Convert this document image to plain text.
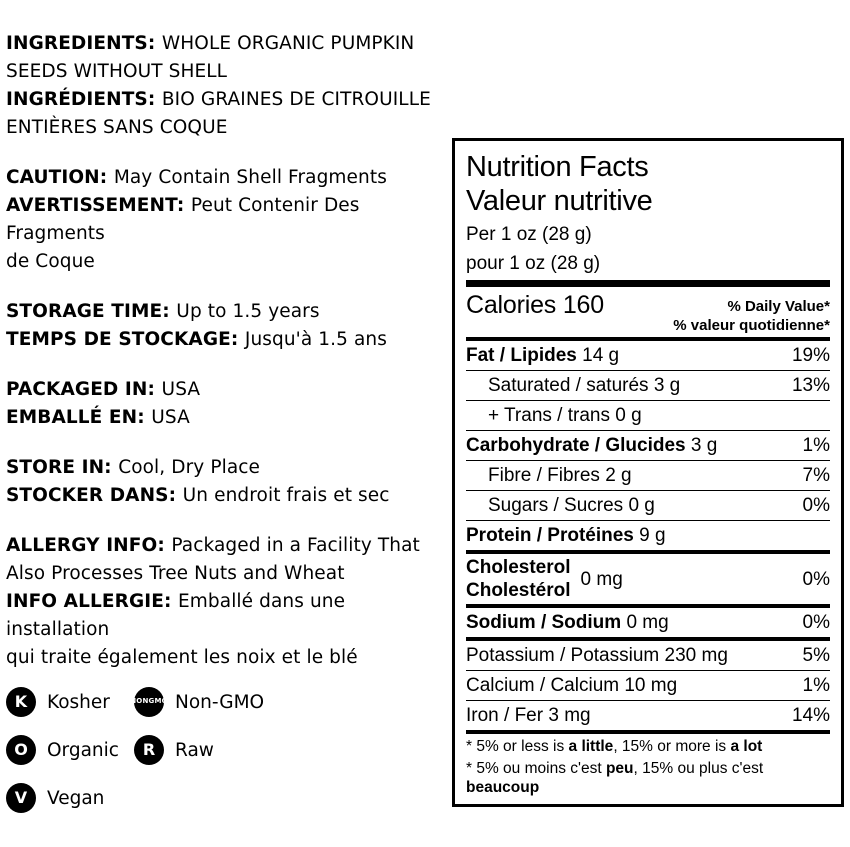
INGREDIENTS: WHOLE ORGANIC PUMPKIN
SEEDS WITHOUT SHELL
INGRÉDIENTS: BIO GRAINES DE CITROUILLE
ENTIÈRES SANS COQUE
CAUTION: May Contain Shell Fragments
AVERTISSEMENT: Peut Contenir Des Fragments
de Coque
STORAGE TIME: Up to 1.5 years
TEMPS DE STOCKAGE: Jusqu'à 1.5 ans
PACKAGED IN: USA
EMBALLÉ EN: USA
STORE IN: Cool, Dry Place
STOCKER DANS: Un endroit frais et sec
ALLERGY INFO: Packaged in a Facility That
Also Processes Tree Nuts and Wheat
INFO ALLERGIE: Emballé dans une installation
qui traite également les noix et le blé
K	Kosher	NON GMO Non-GMO
O	Organic	R	Raw
V	Vegan
Nutrition Facts
Valeur nutritive
Per 1 oz (28 g)
pour 1 oz (28 g)
Calories 160	% Daily Value*
% valeur quotidienne*
Fat / Lipides 14 g	19%
Saturated / saturés 3 g	13%
+ Trans / trans 0 g
Carbohydrate / Glucides 3 g	1%
Fibre / Fibres 2 g	7%
Sugars / Sucres 0 g	0%
Protein / Protéines 9 g
Cholesterol
Cholestérol
0 mg	0%
Sodium / Sodium 0 mg	0%
Potassium / Potassium 230 mg	5%
Calcium / Calcium 10 mg	1%
Iron / Fer 3 mg	14%
* 5% or less is a little, 15% or more is a lot
* 5% ou moins c'est peu, 15% ou plus c'est
beaucoup
